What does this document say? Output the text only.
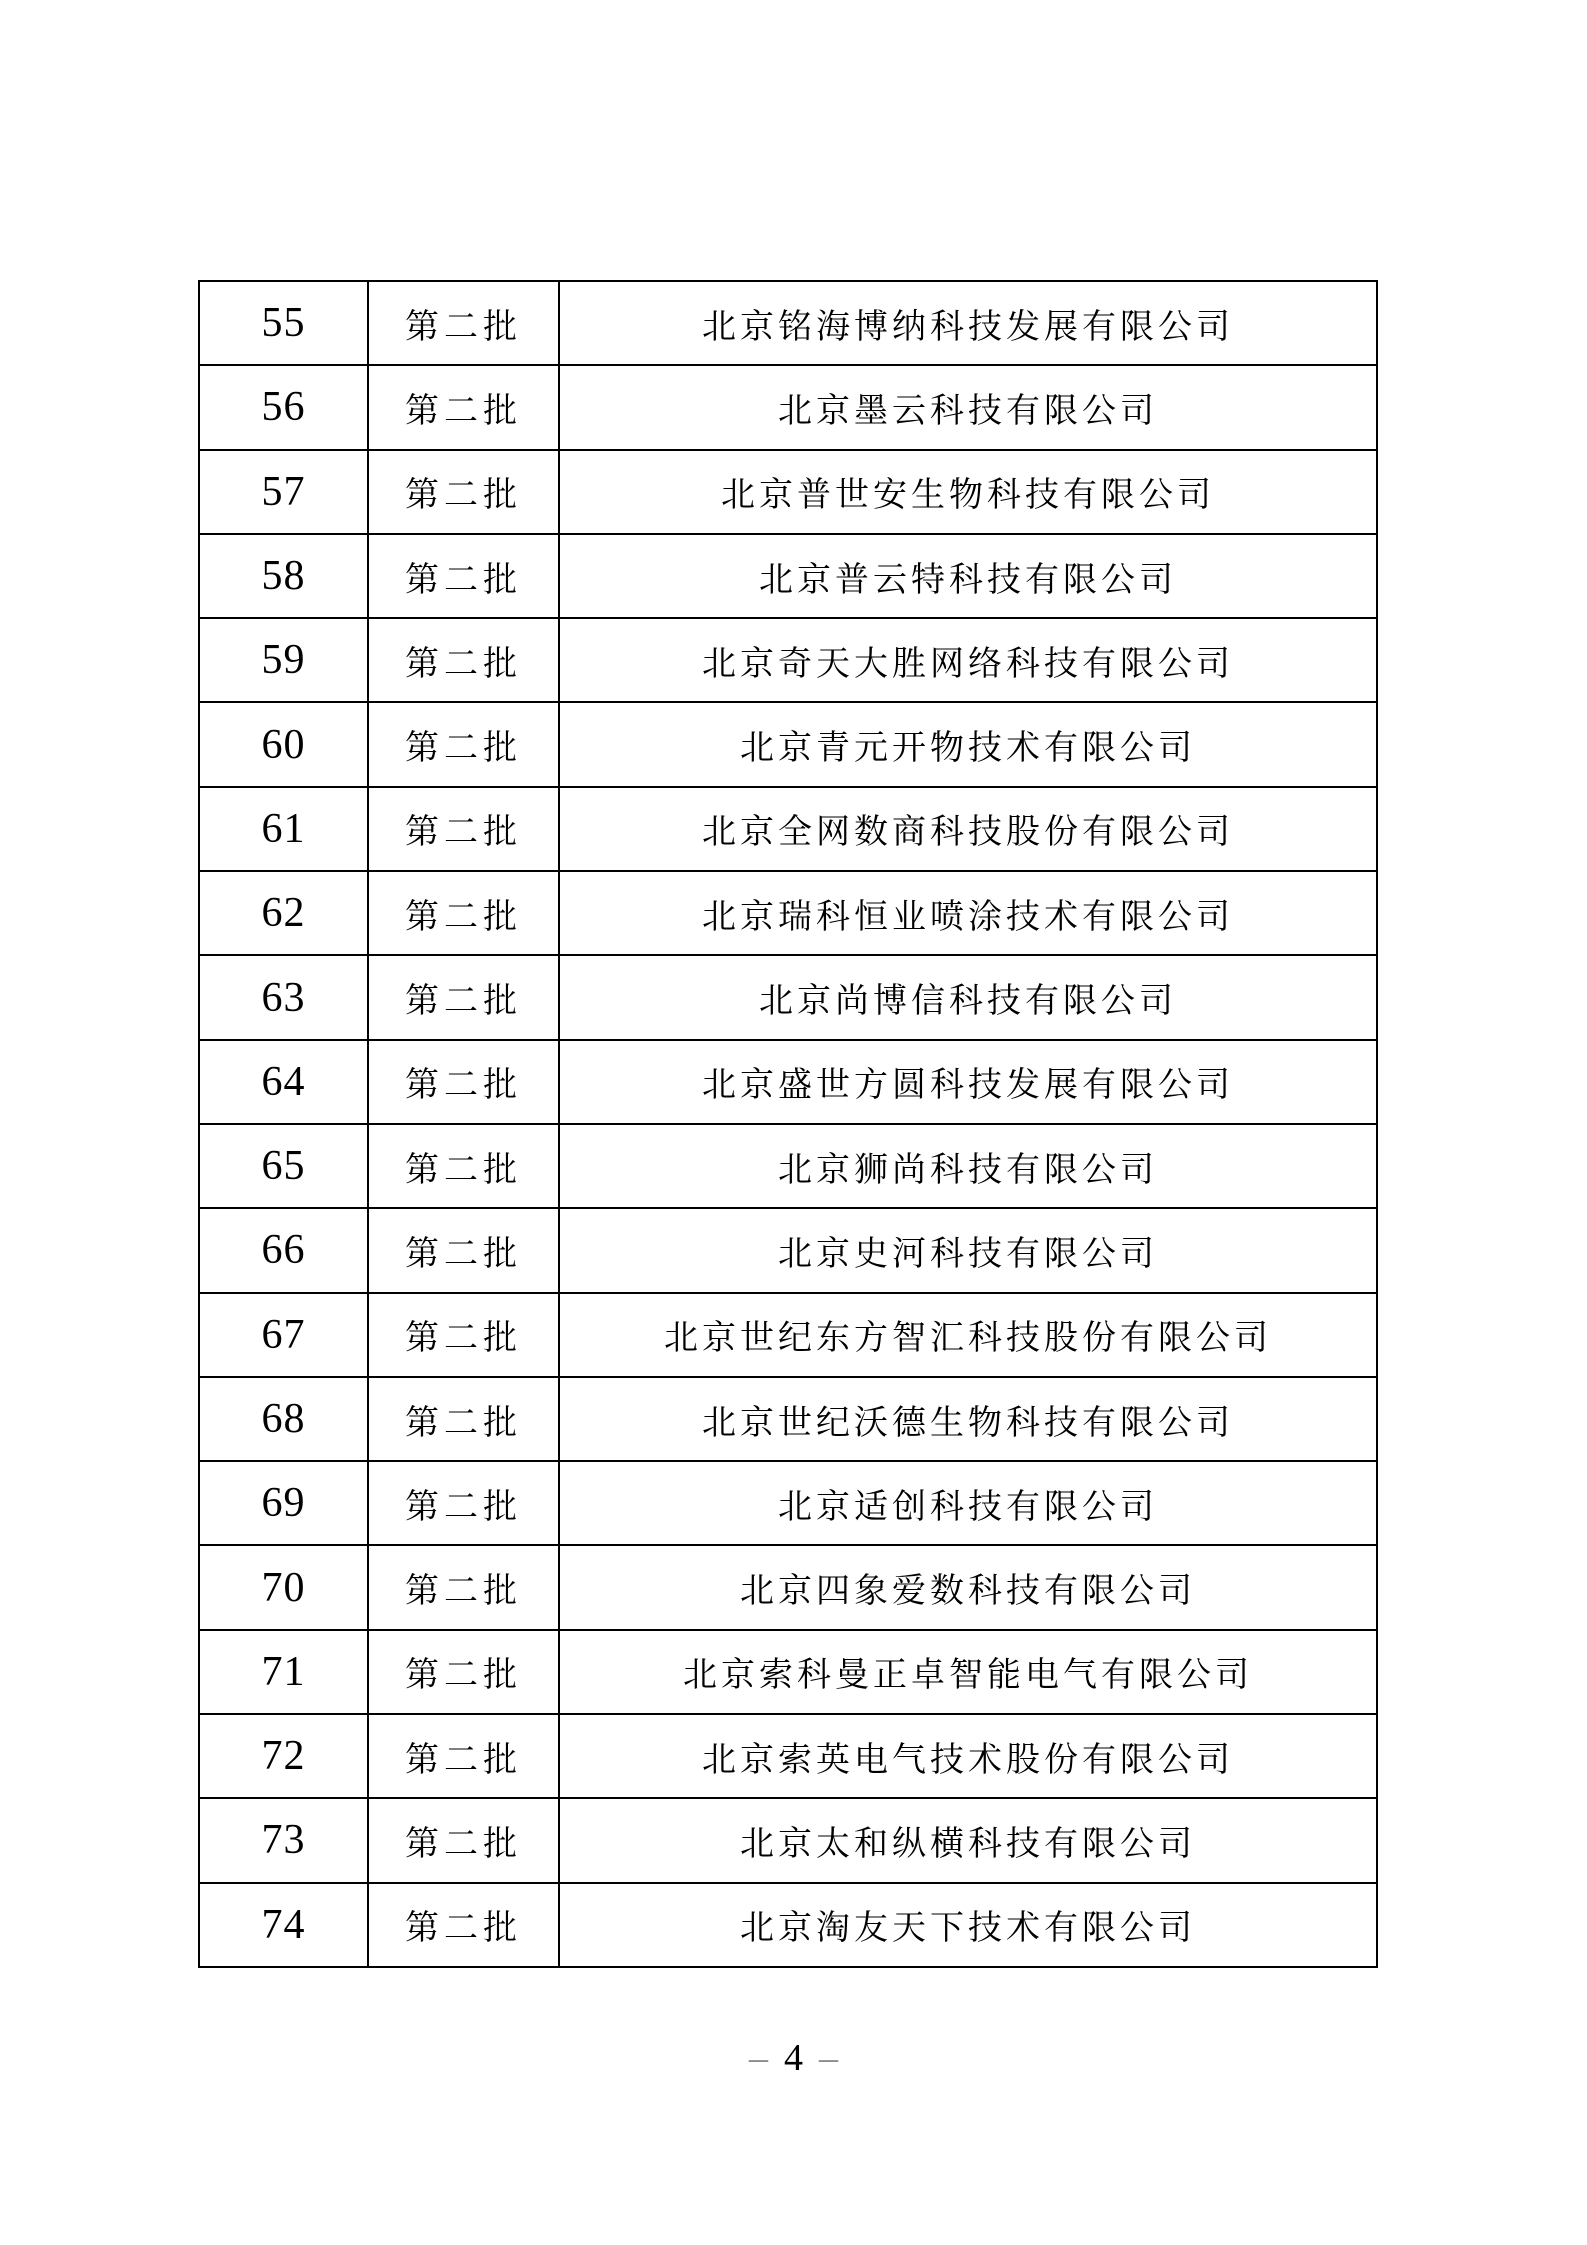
55	第二批	北京铭海博纳科技发展有限公司
56	第二批	北京墨云科技有限公司
57	第二批	北京普世安生物科技有限公司
58	第二批	北京普云特科技有限公司
59	第二批	北京奇天大胜网络科技有限公司
60	第二批	北京青元开物技术有限公司
61	第二批	北京全网数商科技股份有限公司
62	第二批	北京瑞科恒业喷涂技术有限公司
63	第二批	北京尚博信科技有限公司
64	第二批	北京盛世方圆科技发展有限公司
65	第二批	北京狮尚科技有限公司
66	第二批	北京史河科技有限公司
67	第二批	北京世纪东方智汇科技股份有限公司
68	第二批	北京世纪沃德生物科技有限公司
69	第二批	北京适创科技有限公司
70	第二批	北京四象爱数科技有限公司
71	第二批	北京索科曼正卓智能电气有限公司
72	第二批	北京索英电气技术股份有限公司
73	第二批	北京太和纵横科技有限公司
74	第二批	北京淘友天下技术有限公司
– 4 –
